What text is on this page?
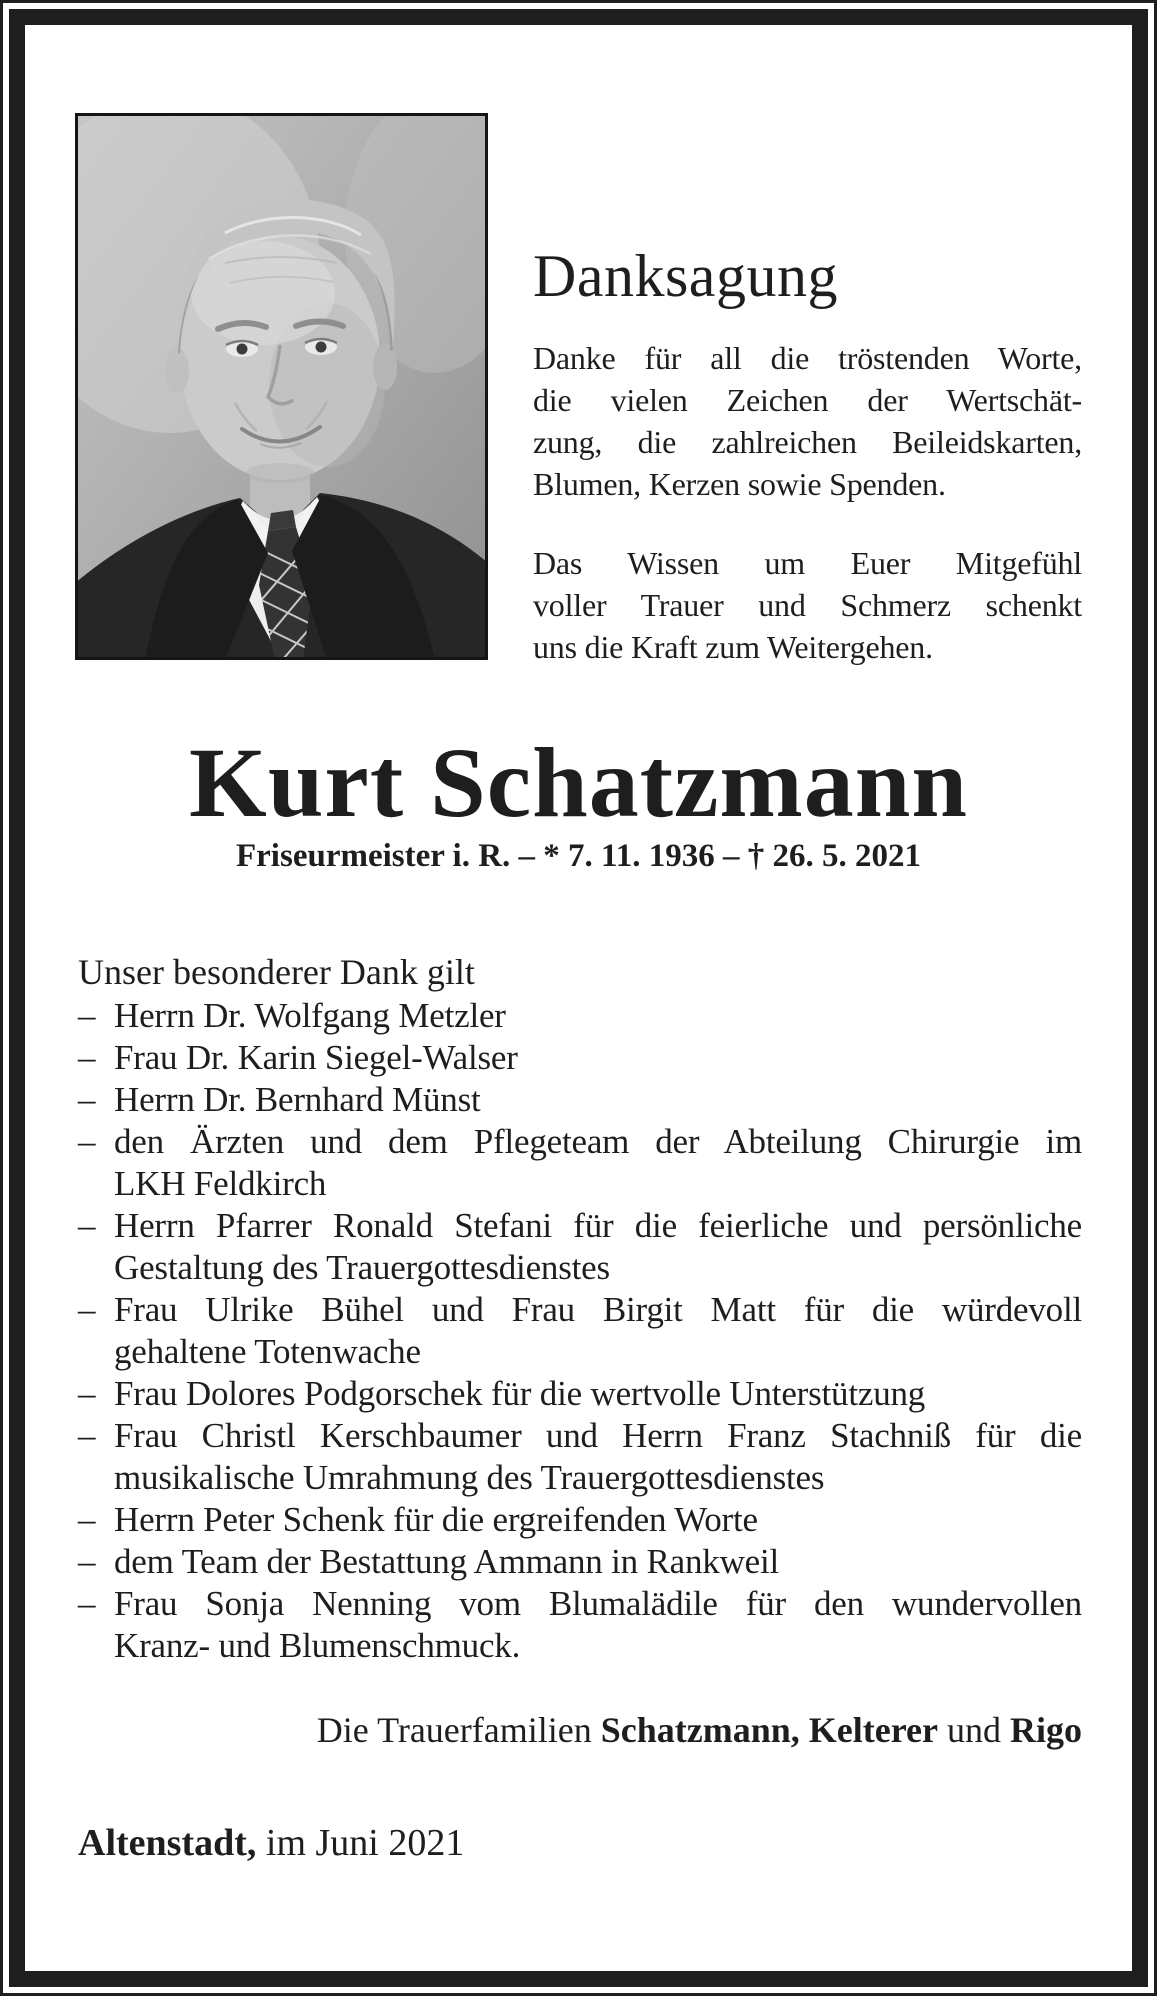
Danksagung

Danke für all die tröstenden Worte,
die vielen Zeichen der Wertschät-
zung, die zahlreichen Beileidskarten,
Blumen, Kerzen sowie Spenden.

Das Wissen um Euer Mitgefühl
voller Trauer und Schmerz schenkt
uns die Kraft zum Weitergehen.

Kurt Schatzmann

Friseurmeister i. R. – * 7. 11. 1936 – † 26. 5. 2021

Unser besonderer Dank gilt

– Herrn Dr. Wolfgang Metzler
– Frau Dr. Karin Siegel-Walser
– Herrn Dr. Bernhard Münst
– den Ärzten und dem Pflegeteam der Abteilung Chirurgie im
LKH Feldkirch
– Herrn Pfarrer Ronald Stefani für die feierliche und persönliche
Gestaltung des Trauergottesdienstes
– Frau Ulrike Bühel und Frau Birgit Matt für die würdevoll
gehaltene Totenwache
– Frau Dolores Podgorschek für die wertvolle Unterstützung
– Frau Christl Kerschbaumer und Herrn Franz Stachniß für die
musikalische Umrahmung des Trauergottesdienstes
– Herrn Peter Schenk für die ergreifenden Worte
– dem Team der Bestattung Ammann in Rankweil
– Frau Sonja Nenning vom Blumalädile für den wundervollen
Kranz- und Blumenschmuck.

Die Trauerfamilien Schatzmann, Kelterer und Rigo

Altenstadt, im Juni 2021
